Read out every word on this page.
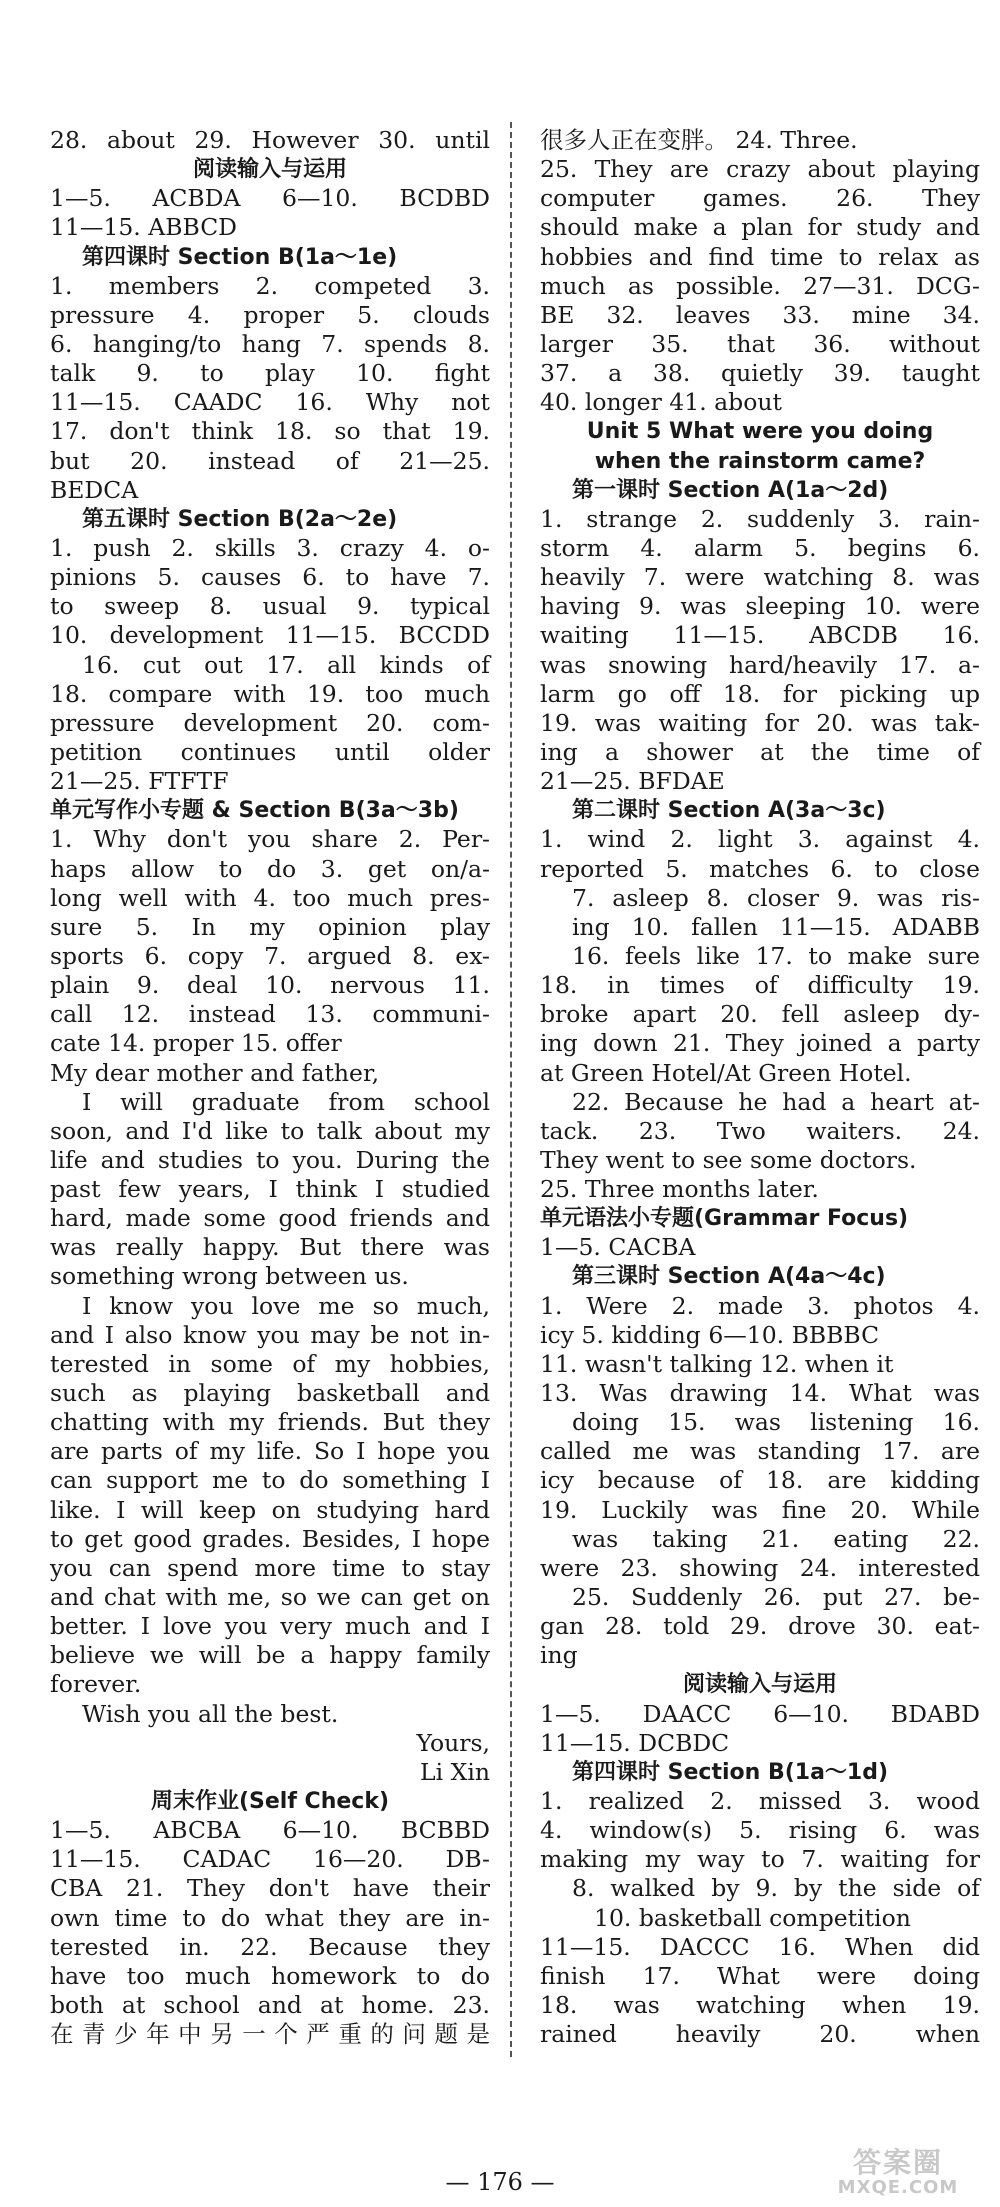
28. about 29. However 30. until
阅读输入与运用
1—5. ACBDA 6—10. BCDBD
11—15. ABBCD
第四课时 Section B(1a～1e)
1. members 2. competed 3.
pressure 4. proper 5. clouds
6. hanging/to hang 7. spends 8.
talk 9. to play 10. fight
11—15. CAADC 16. Why not
17. don't think 18. so that 19.
but 20. instead of 21—25.
BEDCA
第五课时 Section B(2a～2e)
1. push 2. skills 3. crazy 4. o-
pinions 5. causes 6. to have 7.
to sweep 8. usual 9. typical
10. development 11—15. BCCDD
16. cut out 17. all kinds of
18. compare with 19. too much
pressure development 20. com-
petition continues until older
21—25. FTFTF
单元写作小专题 & Section B(3a～3b)
1. Why don't you share 2. Per-
haps allow to do 3. get on/a-
long well with 4. too much pres-
sure 5. In my opinion play
sports 6. copy 7. argued 8. ex-
plain 9. deal 10. nervous 11.
call 12. instead 13. communi-
cate 14. proper 15. offer
My dear mother and father,
I will graduate from school
soon, and I'd like to talk about my
life and studies to you. During the
past few years, I think I studied
hard, made some good friends and
was really happy. But there was
something wrong between us.
I know you love me so much,
and I also know you may be not in-
terested in some of my hobbies,
such as playing basketball and
chatting with my friends. But they
are parts of my life. So I hope you
can support me to do something I
like. I will keep on studying hard
to get good grades. Besides, I hope
you can spend more time to stay
and chat with me, so we can get on
better. I love you very much and I
believe we will be a happy family
forever.
Wish you all the best.
Yours,
Li Xin
周末作业(Self Check)
1—5. ABCBA 6—10. BCBBD
11—15. CADAC 16—20. DB-
CBA 21. They don't have their
own time to do what they are in-
terested in. 22. Because they
have too much homework to do
both at school and at home. 23.
在青少年中另一个严重的问题是
很多人正在变胖。 24. Three.
25. They are crazy about playing
computer games. 26. They
should make a plan for study and
hobbies and find time to relax as
much as possible. 27—31. DCG-
BE 32. leaves 33. mine 34.
larger 35. that 36. without
37. a 38. quietly 39. taught
40. longer 41. about
Unit 5 What were you doing
when the rainstorm came?
第一课时 Section A(1a～2d)
1. strange 2. suddenly 3. rain-
storm 4. alarm 5. begins 6.
heavily 7. were watching 8. was
having 9. was sleeping 10. were
waiting 11—15. ABCDB 16.
was snowing hard/heavily 17. a-
larm go off 18. for picking up
19. was waiting for 20. was tak-
ing a shower at the time of
21—25. BFDAE
第二课时 Section A(3a～3c)
1. wind 2. light 3. against 4.
reported 5. matches 6. to close
7. asleep 8. closer 9. was ris-
ing 10. fallen 11—15. ADABB
16. feels like 17. to make sure
18. in times of difficulty 19.
broke apart 20. fell asleep dy-
ing down 21. They joined a party
at Green Hotel/At Green Hotel.
22. Because he had a heart at-
tack. 23. Two waiters. 24.
They went to see some doctors.
25. Three months later.
单元语法小专题(Grammar Focus)
1—5. CACBA
第三课时 Section A(4a～4c)
1. Were 2. made 3. photos 4.
icy 5. kidding 6—10. BBBBC
11. wasn't talking 12. when it
13. Was drawing 14. What was
doing 15. was listening 16.
called me was standing 17. are
icy because of 18. are kidding
19. Luckily was fine 20. While
was taking 21. eating 22.
were 23. showing 24. interested
25. Suddenly 26. put 27. be-
gan 28. told 29. drove 30. eat-
ing
阅读输入与运用
1—5. DAACC 6—10. BDABD
11—15. DCBDC
第四课时 Section B(1a～1d)
1. realized 2. missed 3. wood
4. window(s) 5. rising 6. was
making my way to 7. waiting for
8. walked by 9. by the side of
10. basketball competition
11—15. DACCC 16. When did
finish 17. What were doing
18. was watching when 19.
rained heavily 20. when
— 176 —
答案圈
MXQE.COM
